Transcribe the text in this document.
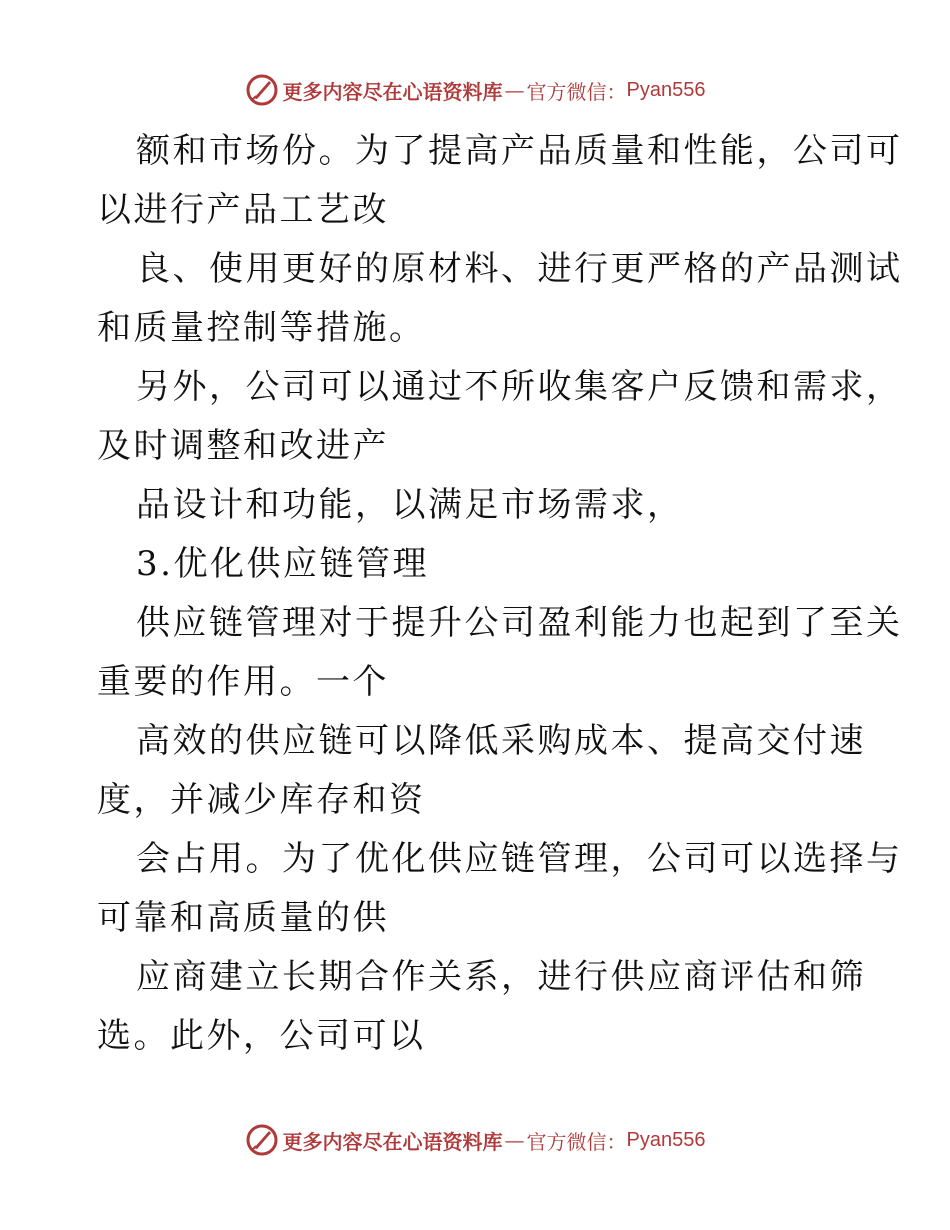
更多内容尽在心语资料库 — 官方微信： Pyan556
额和市场份。为了提高产品质量和性能，公司可
以进行产品工艺改
良、使用更好的原材料、进行更严格的产品测试
和质量控制等措施。
另外，公司可以通过不所收集客户反馈和需求，
及时调整和改进产
品设计和功能，以满足市场需求，
3.优化供应链管理
供应链管理对于提升公司盈利能力也起到了至关
重要的作用。一个
高效的供应链可以降低采购成本、提高交付速
度，并减少库存和资
会占用。为了优化供应链管理，公司可以选择与
可靠和高质量的供
应商建立长期合作关系，进行供应商评估和筛
选。此外，公司可以
更多内容尽在心语资料库 — 官方微信： Pyan556
